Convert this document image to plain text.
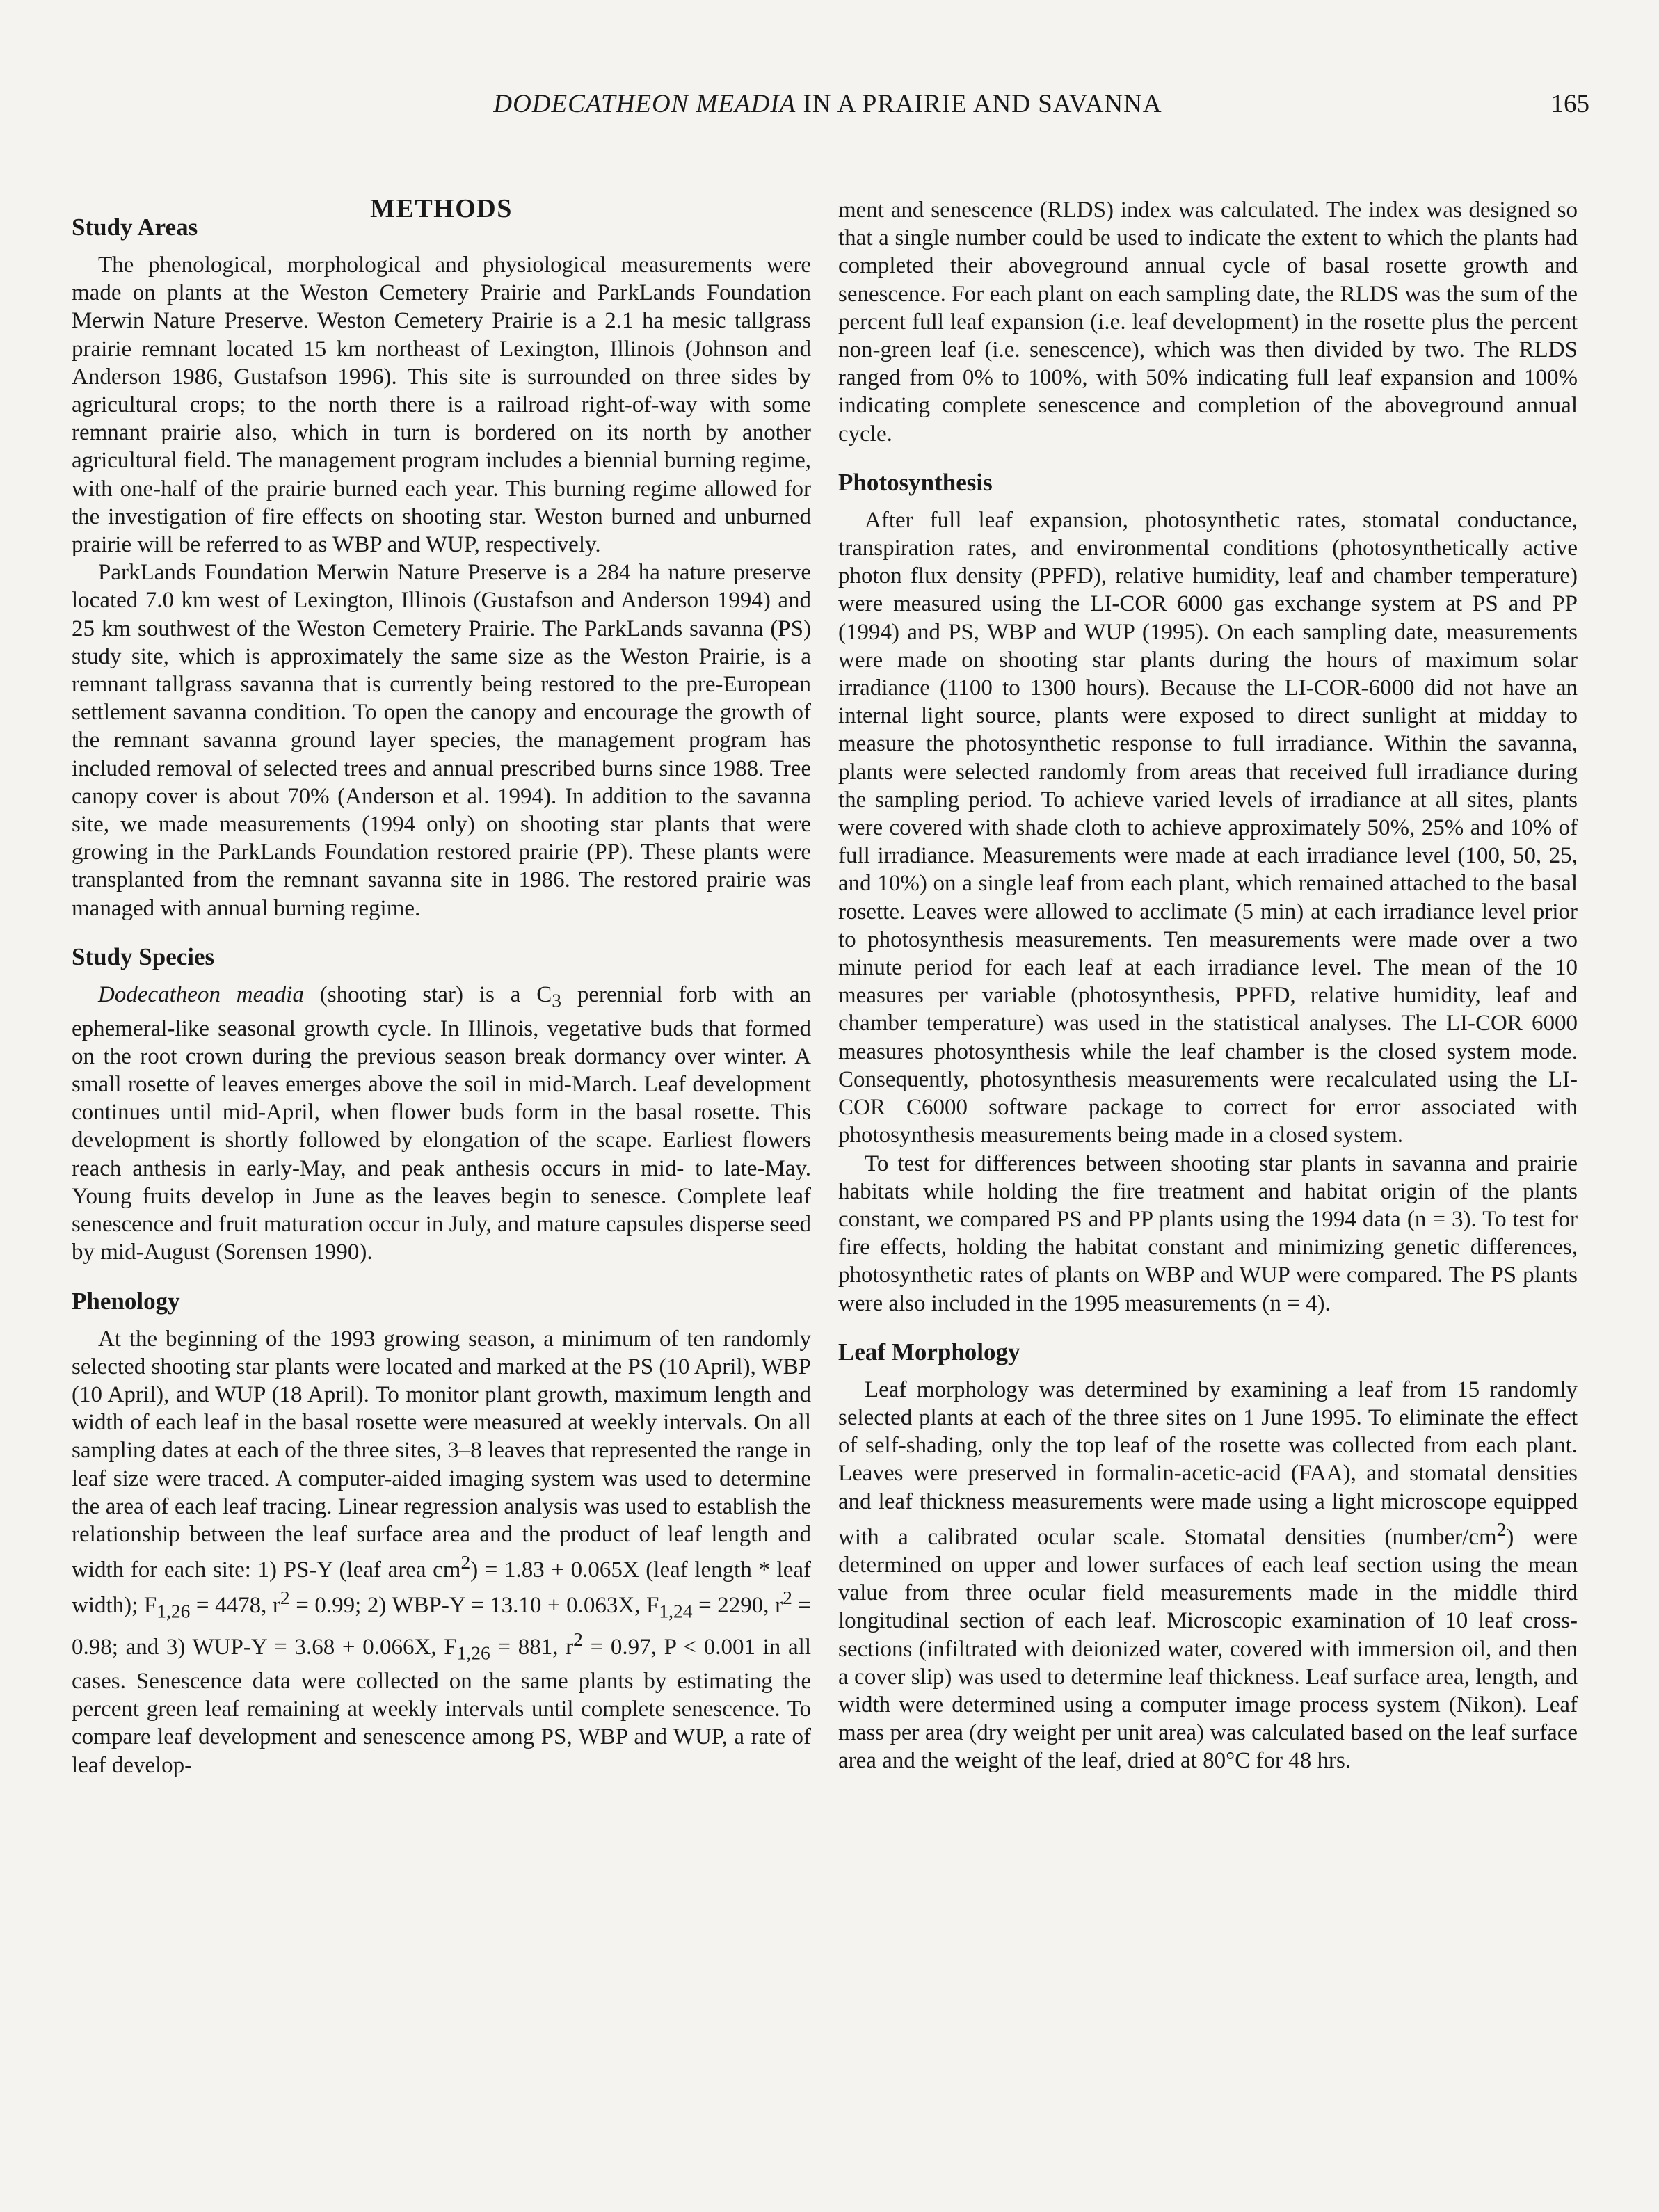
DODECATHEON MEADIA IN A PRAIRIE AND SAVANNA	165
METHODS
Study Areas

The phenological, morphological and physiological measurements were made on plants at the Weston Cemetery Prairie and ParkLands Foundation Merwin Nature Preserve. Weston Cemetery Prairie is a 2.1 ha mesic tallgrass prairie remnant located 15 km northeast of Lexington, Illinois (Johnson and Anderson 1986, Gustafson 1996). This site is surrounded on three sides by agricultural crops; to the north there is a railroad right-of-way with some remnant prairie also, which in turn is bordered on its north by another agricultural field. The management program includes a biennial burning regime, with one-half of the prairie burned each year. This burning regime allowed for the investigation of fire effects on shooting star. Weston burned and unburned prairie will be referred to as WBP and WUP, respectively.

ParkLands Foundation Merwin Nature Preserve is a 284 ha nature preserve located 7.0 km west of Lexington, Illinois (Gustafson and Anderson 1994) and 25 km southwest of the Weston Cemetery Prairie. The ParkLands savanna (PS) study site, which is approximately the same size as the Weston Prairie, is a remnant tallgrass savanna that is currently being restored to the pre-European settlement savanna condition. To open the canopy and encourage the growth of the remnant savanna ground layer species, the management program has included removal of selected trees and annual prescribed burns since 1988. Tree canopy cover is about 70% (Anderson et al. 1994). In addition to the savanna site, we made measurements (1994 only) on shooting star plants that were growing in the ParkLands Foundation restored prairie (PP). These plants were transplanted from the remnant savanna site in 1986. The restored prairie was managed with annual burning regime.

Study Species

Dodecatheon meadia (shooting star) is a $C_3$ perennial forb with an ephemeral-like seasonal growth cycle. In Illinois, vegetative buds that formed on the root crown during the previous season break dormancy over winter. A small rosette of leaves emerges above the soil in mid-March. Leaf development continues until mid-April, when flower buds form in the basal rosette. This development is shortly followed by elongation of the scape. Earliest flowers reach anthesis in early-May, and peak anthesis occurs in mid- to late-May. Young fruits develop in June as the leaves begin to senesce. Complete leaf senescence and fruit maturation occur in July, and mature capsules disperse seed by mid-August (Sorensen 1990).

Phenology

At the beginning of the 1993 growing season, a minimum of ten randomly selected shooting star plants were located and marked at the PS (10 April), WBP (10 April), and WUP (18 April). To monitor plant growth, maximum length and width of each leaf in the basal rosette were measured at weekly intervals. On all sampling dates at each of the three sites, 3–8 leaves that represented the range in leaf size were traced. A computer-aided imaging system was used to determine the area of each leaf tracing. Linear regression analysis was used to establish the relationship between the leaf surface area and the product of leaf length and width for each site: 1) PS-Y (leaf area $cm^2) = 1.83 + 0.065X$ (leaf length * leaf width); $F_{1,26} = 4478$, $r^2 = 0.99$; 2) WBP-Y = 13.10 + 0.063X, $F_{1,24} = 2290$, $r^2 = 0.98$; and 3) WUP-Y = 3.68 + 0.066X, $F_{1,26} = 881$, $r^2 = 0.97$, P < 0.001 in all cases. Senescence data were collected on the same plants by estimating the percent green leaf remaining at weekly intervals until complete senescence. To compare leaf development and senescence among PS, WBP and WUP, a rate of leaf develop-

ment and senescence (RLDS) index was calculated. The index was designed so that a single number could be used to indicate the extent to which the plants had completed their aboveground annual cycle of basal rosette growth and senescence. For each plant on each sampling date, the RLDS was the sum of the percent full leaf expansion (i.e. leaf development) in the rosette plus the percent non-green leaf (i.e. senescence), which was then divided by two. The RLDS ranged from 0% to 100%, with 50% indicating full leaf expansion and 100% indicating complete senescence and completion of the aboveground annual cycle.

Photosynthesis

After full leaf expansion, photosynthetic rates, stomatal conductance, transpiration rates, and environmental conditions (photosynthetically active photon flux density (PPFD), relative humidity, leaf and chamber temperature) were measured using the LI-COR 6000 gas exchange system at PS and PP (1994) and PS, WBP and WUP (1995). On each sampling date, measurements were made on shooting star plants during the hours of maximum solar irradiance (1100 to 1300 hours). Because the LI-COR-6000 did not have an internal light source, plants were exposed to direct sunlight at midday to measure the photosynthetic response to full irradiance. Within the savanna, plants were selected randomly from areas that received full irradiance during the sampling period. To achieve varied levels of irradiance at all sites, plants were covered with shade cloth to achieve approximately 50%, 25% and 10% of full irradiance. Measurements were made at each irradiance level (100, 50, 25, and 10%) on a single leaf from each plant, which remained attached to the basal rosette. Leaves were allowed to acclimate (5 min) at each irradiance level prior to photosynthesis measurements. Ten measurements were made over a two minute period for each leaf at each irradiance level. The mean of the 10 measures per variable (photosynthesis, PPFD, relative humidity, leaf and chamber temperature) was used in the statistical analyses. The LI-COR 6000 measures photosynthesis while the leaf chamber is the closed system mode. Consequently, photosynthesis measurements were recalculated using the LI-COR C6000 software package to correct for error associated with photosynthesis measurements being made in a closed system.

To test for differences between shooting star plants in savanna and prairie habitats while holding the fire treatment and habitat origin of the plants constant, we compared PS and PP plants using the 1994 data (n = 3). To test for fire effects, holding the habitat constant and minimizing genetic differences, photosynthetic rates of plants on WBP and WUP were compared. The PS plants were also included in the 1995 measurements (n = 4).

Leaf Morphology

Leaf morphology was determined by examining a leaf from 15 randomly selected plants at each of the three sites on 1 June 1995. To eliminate the effect of self-shading, only the top leaf of the rosette was collected from each plant. Leaves were preserved in formalin-acetic-acid (FAA), and stomatal densities and leaf thickness measurements were made using a light microscope equipped with a calibrated ocular scale. Stomatal densities $(number/cm^2)$ were determined on upper and lower surfaces of each leaf section using the mean value from three ocular field measurements made in the middle third longitudinal section of each leaf. Microscopic examination of 10 leaf cross-sections (infiltrated with deionized water, covered with immersion oil, and then a cover slip) was used to determine leaf thickness. Leaf surface area, length, and width were determined using a computer image process system (Nikon). Leaf mass per area (dry weight per unit area) was calculated based on the leaf surface area and the weight of the leaf, dried at 80°C for 48 hrs.
